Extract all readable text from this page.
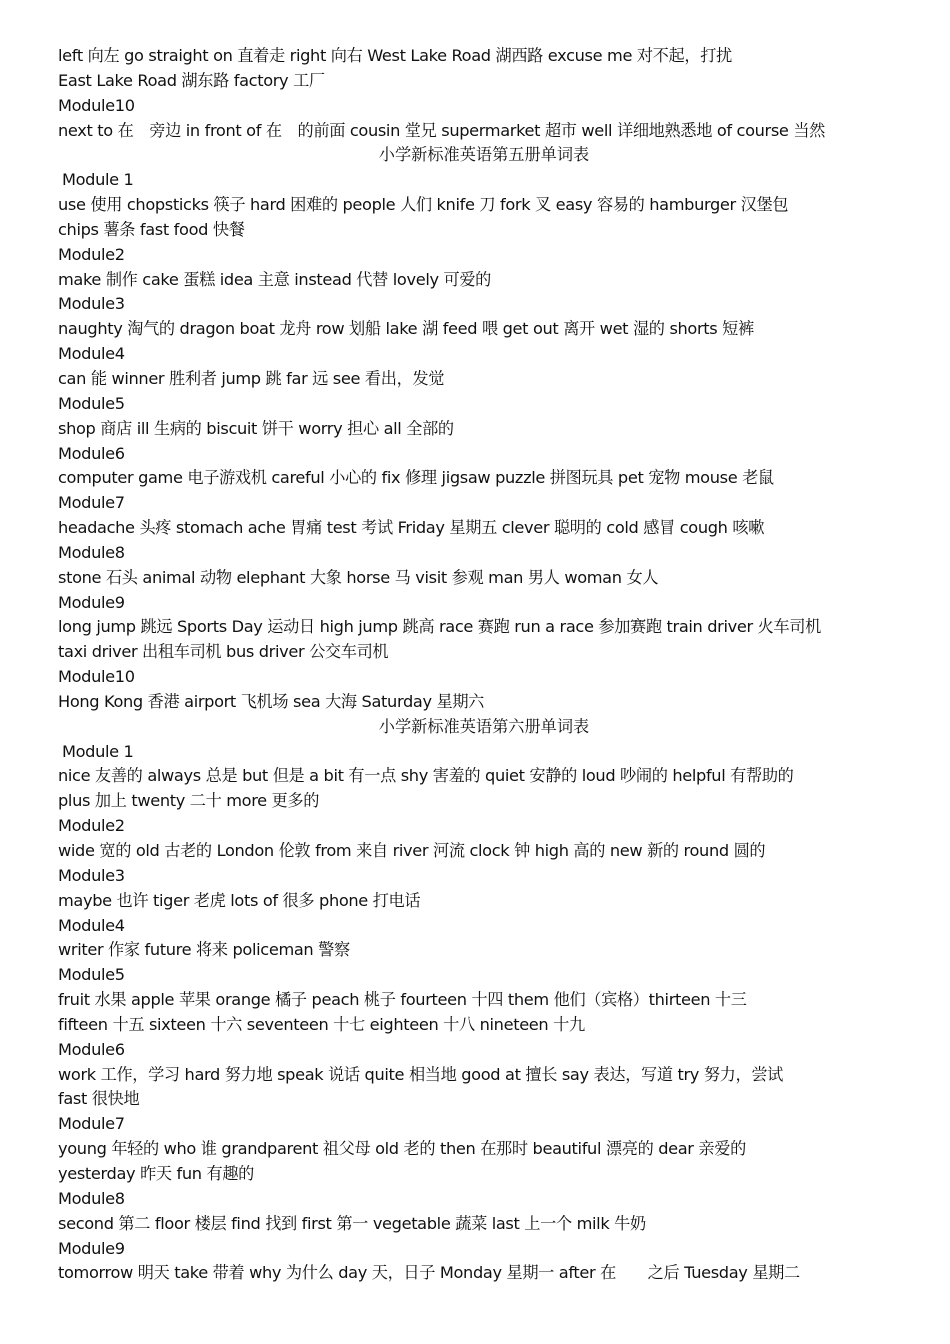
left 向左 go straight on 直着走 right 向右 West Lake Road 湖西路 excuse me 对不起，打扰
East Lake Road 湖东路 factory 工厂
Module10
next to 在　旁边 in front of 在　的前面 cousin 堂兄 supermarket 超市 well 详细地熟悉地 of course 当然
小学新标准英语第五册单词表
Module 1
use 使用 chopsticks 筷子 hard 困难的 people 人们 knife 刀 fork 叉 easy 容易的 hamburger 汉堡包
chips 薯条 fast food 快餐
Module2
make 制作 cake 蛋糕 idea 主意 instead 代替 lovely 可爱的
Module3
naughty 淘气的 dragon boat 龙舟 row 划船 lake 湖 feed 喂 get out 离开 wet 湿的 shorts 短裤
Module4
can 能 winner 胜利者 jump 跳 far 远 see 看出，发觉
Module5
shop 商店 ill 生病的 biscuit 饼干 worry 担心 all 全部的
Module6
computer game 电子游戏机 careful 小心的 fix 修理 jigsaw puzzle 拼图玩具 pet 宠物 mouse 老鼠
Module7
headache 头疼 stomach ache 胃痛 test 考试 Friday 星期五 clever 聪明的 cold 感冒 cough 咳嗽
Module8
stone 石头 animal 动物 elephant 大象 horse 马 visit 参观 man 男人 woman 女人
Module9
long jump 跳远 Sports Day 运动日 high jump 跳高 race 赛跑 run a race 参加赛跑 train driver 火车司机
taxi driver 出租车司机 bus driver 公交车司机
Module10
Hong Kong 香港 airport 飞机场 sea 大海 Saturday 星期六
小学新标准英语第六册单词表
Module 1
nice 友善的 always 总是 but 但是 a bit 有一点 shy 害羞的 quiet 安静的 loud 吵闹的 helpful 有帮助的
plus 加上 twenty 二十 more 更多的
Module2
wide 宽的 old 古老的 London 伦敦 from 来自 river 河流 clock 钟 high 高的 new 新的 round 圆的
Module3
maybe 也许 tiger 老虎 lots of 很多 phone 打电话
Module4
writer 作家 future 将来 policeman 警察
Module5
fruit 水果 apple 苹果 orange 橘子 peach 桃子 fourteen 十四 them 他们（宾格）thirteen 十三
fifteen 十五 sixteen 十六 seventeen 十七 eighteen 十八 nineteen 十九
Module6
work 工作，学习 hard 努力地 speak 说话 quite 相当地 good at 擅长 say 表达，写道 try 努力，尝试
fast 很快地
Module7
young 年轻的 who 谁 grandparent 祖父母 old 老的 then 在那时 beautiful 漂亮的 dear 亲爱的
yesterday 昨天 fun 有趣的
Module8
second 第二 floor 楼层 find 找到 first 第一 vegetable 蔬菜 last 上一个 milk 牛奶
Module9
tomorrow 明天 take 带着 why 为什么 day 天，日子 Monday 星期一 after 在　　之后 Tuesday 星期二
